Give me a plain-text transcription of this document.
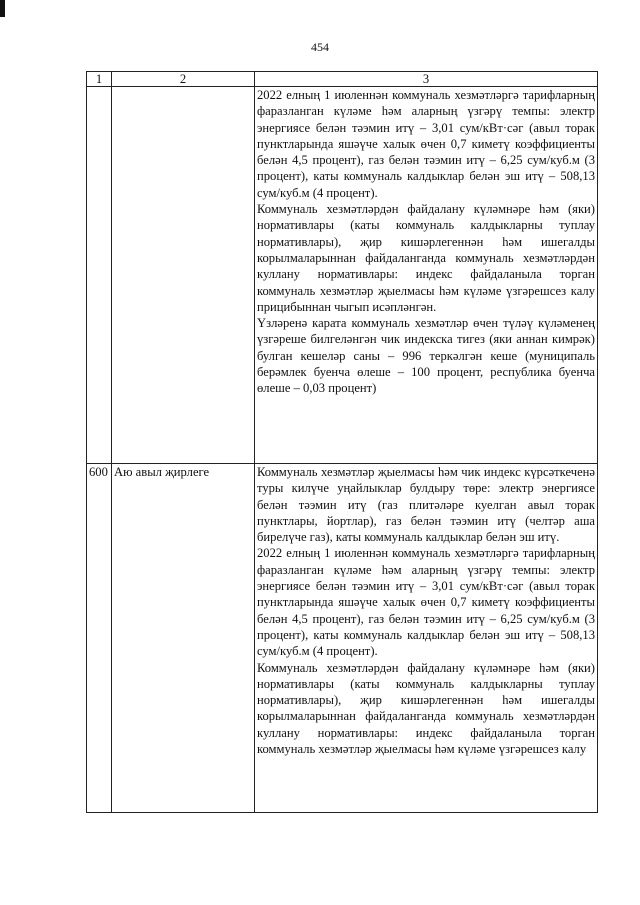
454
1	2	3

		2022 елның 1 июленнән коммуналь хезмәтләргә тарифларның фаразланган күләме һәм аларның үзгәрү темпы: электр энергиясе белән тәэмин итү – 3,01 сум/кВт·сәг (авыл торак пунктларында яшәүче халык өчен 0,7 киметү коэффициенты белән 4,5 процент), газ белән тәэмин итү – 6,25 сум/куб.м (3 процент), каты коммуналь калдыклар белән эш итү – 508,13 сум/куб.м (4 процент).

Коммуналь хезмәтләрдән файдалану күләмнәре һәм (яки) нормативлары (каты коммуналь калдыкларны туплау нормативлары), җир кишәрлегеннән һәм ишегалды корылмаларыннан файдаланганда коммуналь хезмәтләрдән куллану нормативлары: индекс файдаланыла торган коммуналь хезмәтләр җыелмасы һәм күләме үзгәрешсез калу прицибыннан чыгып исәпләнгән.

Үзләренә карата коммуналь хезмәтләр өчен түләү күләменең үзгәреше билгеләнгән чик индекска тигез (яки аннан кимрәк) булган кешеләр саны – 996 теркәлгән кеше (муниципаль берәмлек буенча өлеше – 100 процент, республика буенча өлеше – 0,03 процент)

600	Аю авыл җирлеге	Коммуналь хезмәтләр җыелмасы һәм чик индекс күрсәткеченә туры килүче уңайлыклар булдыру төре: электр энергиясе белән тәэмин итү (газ плитәләре куелган авыл торак пунктлары, йортлар), газ белән тәэмин итү (челтәр аша бирелүче газ), каты коммуналь калдыклар белән эш итү.

2022 елның 1 июленнән коммуналь хезмәтләргә тарифларның фаразланган күләме һәм аларның үзгәрү темпы: электр энергиясе белән тәэмин итү – 3,01 сум/кВт·сәг (авыл торак пунктларында яшәүче халык өчен 0,7 киметү коэффициенты белән 4,5 процент), газ белән тәэмин итү – 6,25 сум/куб.м (3 процент), каты коммуналь калдыклар белән эш итү – 508,13 сум/куб.м (4 процент).

Коммуналь хезмәтләрдән файдалану күләмнәре һәм (яки) нормативлары (каты коммуналь калдыкларны туплау нормативлары), җир кишәрлегеннән һәм ишегалды корылмаларыннан файдаланганда коммуналь хезмәтләрдән куллану нормативлары: индекс файдаланыла торган коммуналь хезмәтләр җыелмасы һәм күләме үзгәрешсез калу
